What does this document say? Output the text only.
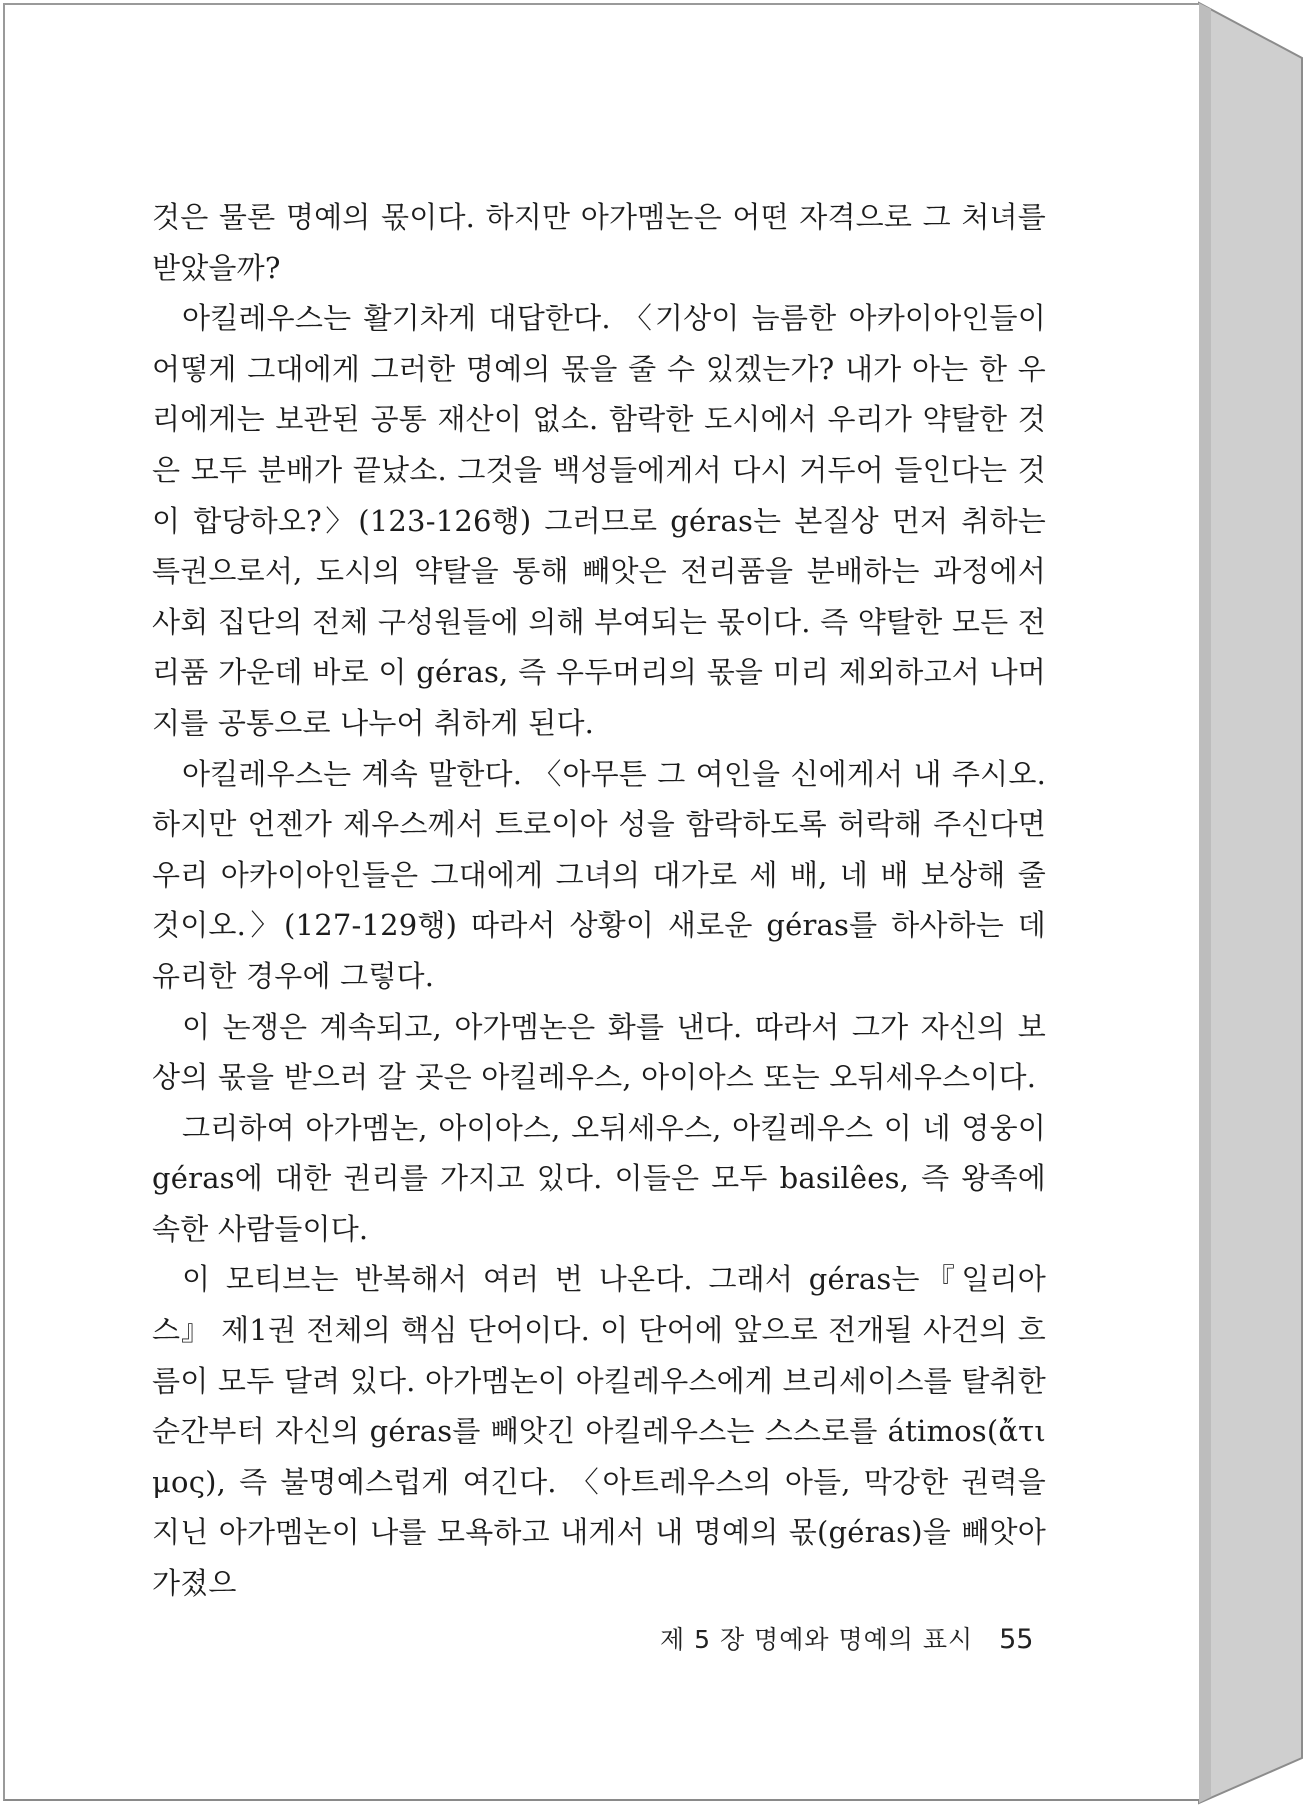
것은 물론 명예의 몫이다. 하지만 아가멤논은 어떤 자격으로 그 처녀를 받았을까?

아킬레우스는 활기차게 대답한다. 〈기상이 늠름한 아카이아인들이 어떻게 그대에게 그러한 명예의 몫을 줄 수 있겠는가? 내가 아는 한 우리에게는 보관된 공통 재산이 없소. 함락한 도시에서 우리가 약탈한 것은 모두 분배가 끝났소. 그것을 백성들에게서 다시 거두어 들인다는 것이 합당하오?〉(123-126행) 그러므로 géras는 본질상 먼저 취하는 특권으로서, 도시의 약탈을 통해 빼앗은 전리품을 분배하는 과정에서 사회 집단의 전체 구성원들에 의해 부여되는 몫이다. 즉 약탈한 모든 전리품 가운데 바로 이 géras, 즉 우두머리의 몫을 미리 제외하고서 나머지를 공통으로 나누어 취하게 된다.

아킬레우스는 계속 말한다. 〈아무튼 그 여인을 신에게서 내 주시오. 하지만 언젠가 제우스께서 트로이아 성을 함락하도록 허락해 주신다면 우리 아카이아인들은 그대에게 그녀의 대가로 세 배, 네 배 보상해 줄 것이오.〉(127-129행) 따라서 상황이 새로운 géras를 하사하는 데 유리한 경우에 그렇다.

이 논쟁은 계속되고, 아가멤논은 화를 낸다. 따라서 그가 자신의 보상의 몫을 받으러 갈 곳은 아킬레우스, 아이아스 또는 오뒤세우스이다.

그리하여 아가멤논, 아이아스, 오뒤세우스, 아킬레우스 이 네 영웅이 géras에 대한 권리를 가지고 있다. 이들은 모두 basilêes, 즉 왕족에 속한 사람들이다.

이 모티브는 반복해서 여러 번 나온다. 그래서 géras는『일리아스』 제1권 전체의 핵심 단어이다. 이 단어에 앞으로 전개될 사건의 흐름이 모두 달려 있다. 아가멤논이 아킬레우스에게 브리세이스를 탈취한 순간부터 자신의 géras를 빼앗긴 아킬레우스는 스스로를 átimos(ἄτιμος), 즉 불명예스럽게 여긴다. 〈아트레우스의 아들, 막강한 권력을 지닌 아가멤논이 나를 모욕하고 내게서 내 명예의 몫(géras)을 빼앗아 가졌으

제 5 장 명예와 명예의 표시 55
